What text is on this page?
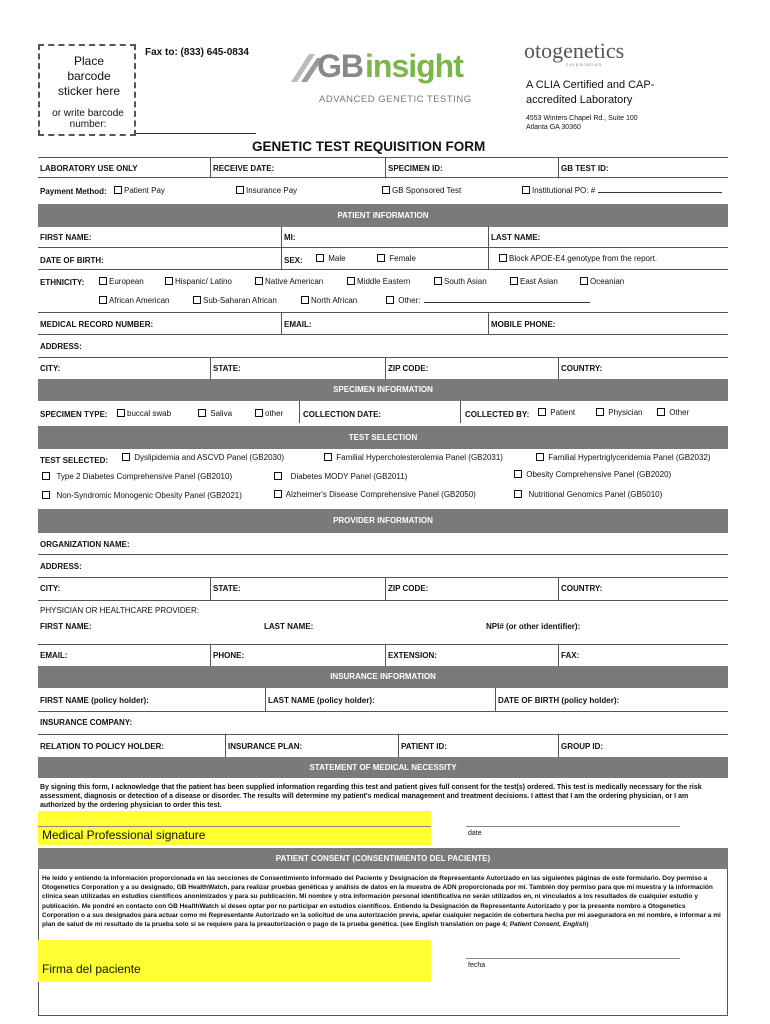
Place barcode sticker here
or write barcode number:
Fax to: (833) 645-0834 GB insight
ADVANCED GENETIC TESTING
otogenetics
c o r p o r a t i o n
A CLIA Certified and CAP-accredited Laboratory
4553 Winters Chapel Rd., Suite 100
Atlanta GA 30360
GENETIC TEST REQUISITION FORM
LABORATORY USE ONLY	RECEIVE DATE:	SPECIMEN ID:	GB TEST ID:
Payment Method:	Patient Pay	Insurance Pay	GB Sponsored Test	Institutional PO: #
PATIENT INFORMATION
FIRST NAME:	MI:	LAST NAME:
DATE OF BIRTH:	SEX:	Male	Female	Block APOE-E4 genotype from the report.
ETHNICITY:	European	Hispanic/ Latino	Native American	Middle Eastern	South Asian	East Asian	Oceanian
African American	Sub-Saharan African	North African	Other:
MEDICAL RECORD NUMBER:	EMAIL:	MOBILE PHONE:
ADDRESS:
CITY:	STATE:	ZIP CODE:	COUNTRY:
SPECIMEN INFORMATION
SPECIMEN TYPE:	buccal swab	Saliva	other COLLECTION DATE:	COLLECTED BY:	Patient	Physician	Other
TEST SELECTION
TEST SELECTED:	Dyslipidemia and ASCVD Panel (GB2030)	Familial Hypercholesterolemia Panel (GB2031)	Familial Hypertriglyceridemia Panel (GB2032)
Type 2 Diabetes Comprehensive Panel (GB2010)	Diabetes MODY Panel (GB2011)	Obesity Comprehensive Panel (GB2020)
Non-Syndromic Monogenic Obesity Panel (GB2021)	Alzheimer's Disease Comprehensive Panel (GB2050)	Nutritional Genomics Panel (GB5010)
PROVIDER INFORMATION
ORGANIZATION NAME:
ADDRESS:
CITY:	STATE:	ZIP CODE:	COUNTRY:
PHYSICIAN OR HEALTHCARE PROVIDER:
FIRST NAME:	LAST NAME:	NPI# (or other identifier):
EMAIL:	PHONE:	EXTENSION:	FAX:
INSURANCE INFORMATION
FIRST NAME (policy holder):	LAST NAME (policy holder):	DATE OF BIRTH (policy holder):
INSURANCE COMPANY:
RELATION TO POLICY HOLDER:	INSURANCE PLAN:	PATIENT ID:	GROUP ID:
STATEMENT OF MEDICAL NECESSITY
By signing this form, I acknowledge that the patient has been supplied information regarding this test and patient gives full consent for the test(s) ordered. This test is medically necessary for the risk assessment, diagnosis or detection of a disease or disorder. The results will determine my patient's medical management and treatment decisions. I attest that I am the ordering physician, or I am authorized by the ordering physician to order this test.
Medical Professional signature	date
PATIENT CONSENT (CONSENTIMIENTO DEL PACIENTE)
He leído y entiendo la información proporcionada en las secciones de Consentimiento Informado del Paciente y Designación de Representante Autorizado en las siguientes páginas de este formulario. Doy permiso a Otogenetics Corporation y a su designado, GB HealthWatch, para realizar pruebas genéticas y análisis de datos en la muestra de ADN proporcionada por mí. También doy permiso para que mi muestra y la información clínica sean utilizadas en estudios científicos anonimizados y para su publicación. Mi nombre y otra información personal identificativa no serán utilizados en, ni vinculados a los resultados de cualquier estudio y publicación. Me pondré en contacto con GB HealthWatch si deseo optar por no participar en estudios científicos. Entiendo la Designación de Representante Autorizado y por la presente nombro a Otogenetics Corporation o a sus designados para actuar como mi Representante Autorizado en la solicitud de una autorización previa, apelar cualquier negación de cobertura hecha por mi aseguradora en mi nombre, e informar a mi plan de salud de mi resultado de la prueba solo si se requiere para la preautorización o pago de la prueba genética. (see English translation on page 4; Patient Consent, English)
Firma del paciente	fecha
